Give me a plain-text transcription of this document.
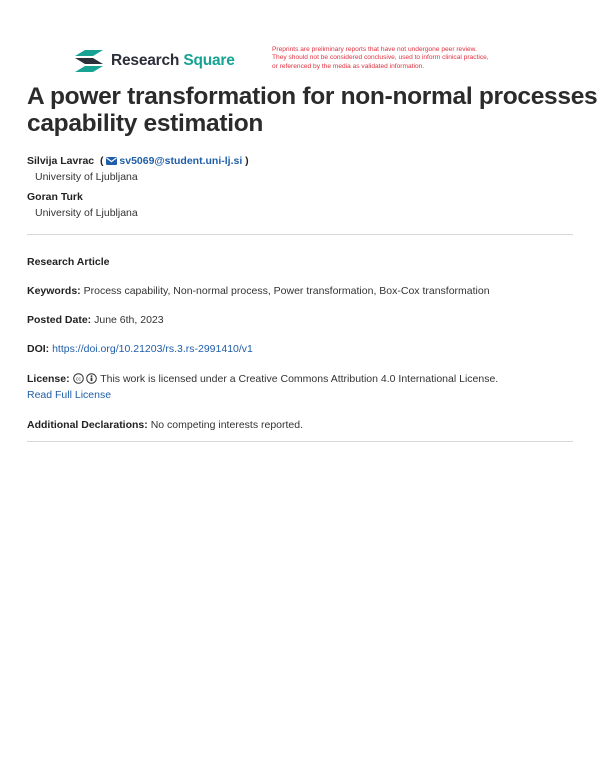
Research Square
Preprints are preliminary reports that have not undergone peer review.
They should not be considered conclusive, used to inform clinical practice,
or referenced by the media as validated information.
A power transformation for non-normal processes
capability estimation
Silvija Lavrac  ( sv5069@student.uni-lj.si )
University of Ljubljana
Goran Turk
University of Ljubljana
Research Article
Keywords: Process capability, Non-normal process, Power transformation, Box-Cox transformation
Posted Date: June 6th, 2023
DOI: https://doi.org/10.21203/rs.3.rs-2991410/v1
License: cc This work is licensed under a Creative Commons Attribution 4.0 International License.
Read Full License
Additional Declarations: No competing interests reported.
